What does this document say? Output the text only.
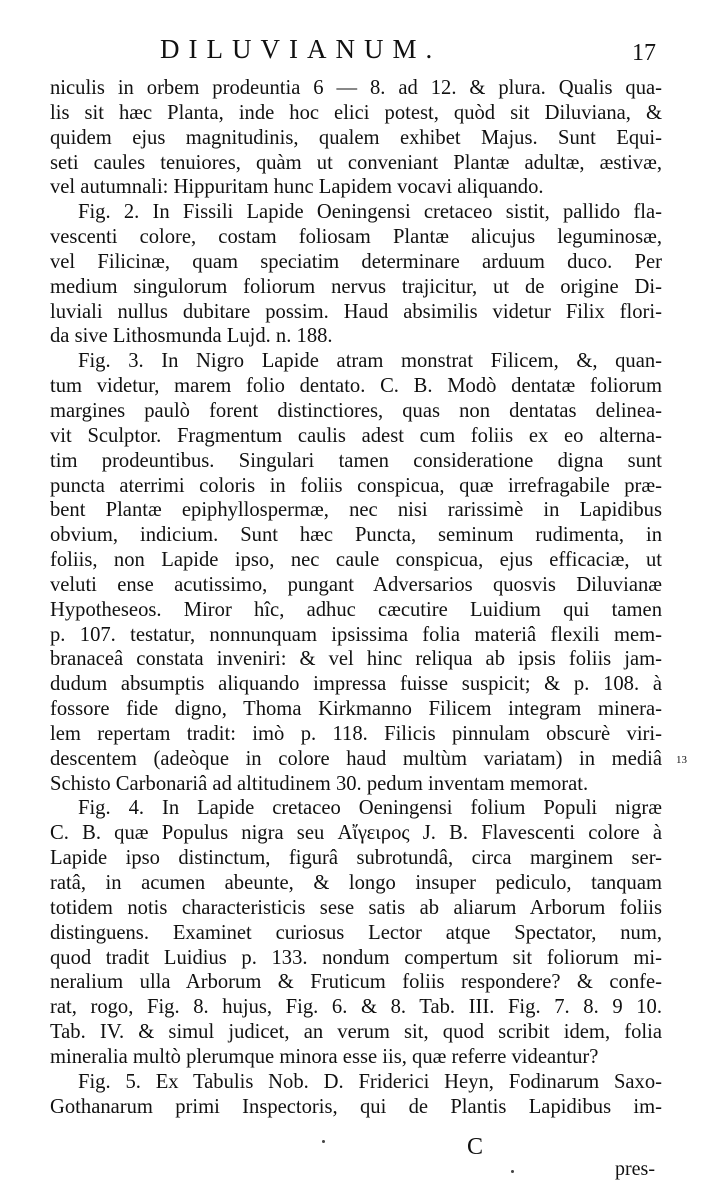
DILUVIANUM.	17
niculis in orbem prodeuntia 6 — 8. ad 12. & plura. Qualis qua-
lis sit hæc Planta, inde hoc elici potest, quòd sit Diluviana, &
quidem ejus magnitudinis, qualem exhibet Majus. Sunt Equi-
seti caules tenuiores, quàm ut conveniant Plantæ adultæ, æstivæ,
vel autumnali: Hippuritam hunc Lapidem vocavi aliquando.
Fig. 2. In Fissili Lapide Oeningensi cretaceo sistit, pallido fla-
vescenti colore, costam foliosam Plantæ alicujus leguminosæ,
vel Filicinæ, quam speciatim determinare arduum duco. Per
medium singulorum foliorum nervus trajicitur, ut de origine Di-
luviali nullus dubitare possim. Haud absimilis videtur Filix flori-
da sive Lithosmunda Lujd. n. 188.
Fig. 3. In Nigro Lapide atram monstrat Filicem, &, quan-
tum videtur, marem folio dentato. C. B. Modò dentatæ foliorum
margines paulò forent distinctiores, quas non dentatas delinea-
vit Sculptor. Fragmentum caulis adest cum foliis ex eo alterna-
tim prodeuntibus. Singulari tamen consideratione digna sunt
puncta aterrimi coloris in foliis conspicua, quæ irrefragabile præ-
bent Plantæ epiphyllospermæ, nec nisi rarissimè in Lapidibus
obvium, indicium. Sunt hæc Puncta, seminum rudimenta, in
foliis, non Lapide ipso, nec caule conspicua, ejus efficaciæ, ut
veluti ense acutissimo, pungant Adversarios quosvis Diluvianæ
Hypotheseos. Miror hîc, adhuc cæcutire Luidium qui tamen
p. 107. testatur, nonnunquam ipsissima folia materiâ flexili mem-
branaceâ constata inveniri: & vel hinc reliqua ab ipsis foliis jam-
dudum absumptis aliquando impressa fuisse suspicit; & p. 108. à
fossore fide digno, Thoma Kirkmanno Filicem integram minera-
lem repertam tradit: imò p. 118. Filicis pinnulam obscurè viri-
descentem (adeòque in colore haud multùm variatam) in mediâ
Schisto Carbonariâ ad altitudinem 30. pedum inventam memorat.
Fig. 4. In Lapide cretaceo Oeningensi folium Populi nigræ
C. B. quæ Populus nigra seu Αἴγειρος J. B. Flavescenti colore à
Lapide ipso distinctum, figurâ subrotundâ, circa marginem ser-
ratâ, in acumen abeunte, & longo insuper pediculo, tanquam
totidem notis characteristicis sese satis ab aliarum Arborum foliis
distinguens. Examinet curiosus Lector atque Spectator, num,
quod tradit Luidius p. 133. nondum compertum sit foliorum mi-
neralium ulla Arborum & Fruticum foliis respondere? & confe-
rat, rogo, Fig. 8. hujus, Fig. 6. & 8. Tab. III. Fig. 7. 8. 9 10.
Tab. IV. & simul judicet, an verum sit, quod scribit idem, folia
mineralia multò plerumque minora esse iis, quæ referre videantur?
Fig. 5. Ex Tabulis Nob. D. Friderici Heyn, Fodinarum Saxo-
Gothanarum primi Inspectoris, qui de Plantis Lapidibus im-
13
C
pres-
